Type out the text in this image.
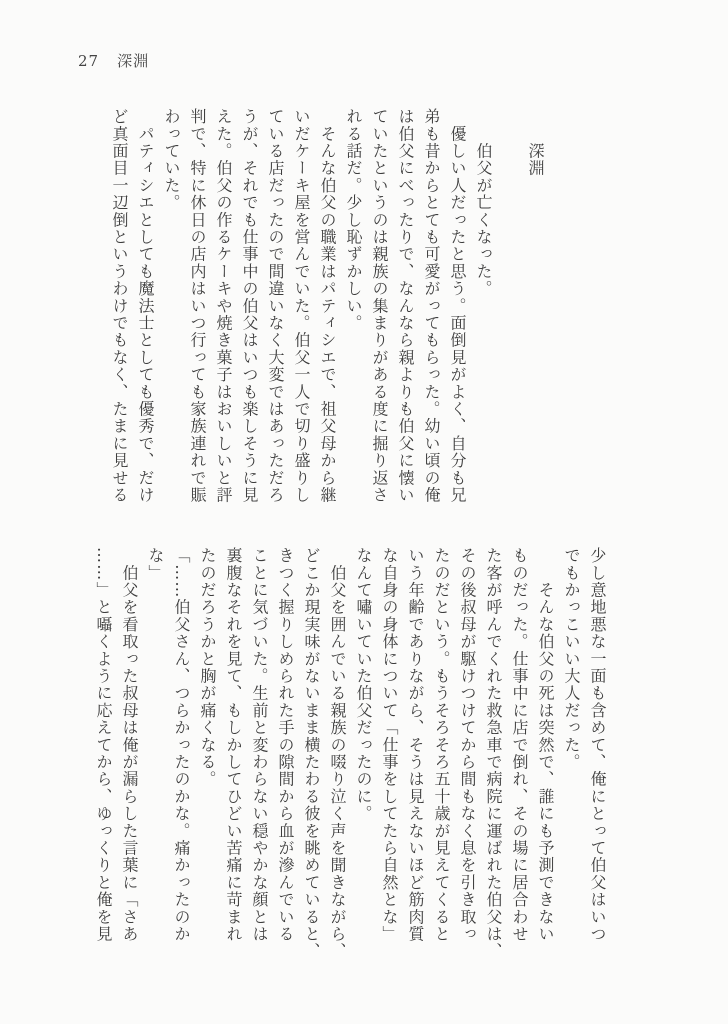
27 深淵
　　深淵

　　伯父が亡くなった。
　優しい人だったと思う。面倒見がよく、自分も兄
弟も昔からとても可愛がってもらった。幼い頃の俺
は伯父にべったりで、なんなら親よりも伯父に懐い
ていたというのは親族の集まりがある度に掘り返さ
れる話だ。少し恥ずかしい。
　そんな伯父の職業はパティシエで、祖父母から継
いだケーキ屋を営んでいた。伯父一人で切り盛りし
ている店だったので間違いなく大変ではあっただろ
うが、それでも仕事中の伯父はいつも楽しそうに見
えた。伯父の作るケーキや焼き菓子はおいしいと評
判で、特に休日の店内はいつ行っても家族連れで賑
わっていた。
　パティシエとしても魔法士としても優秀で、だけ
ど真面目一辺倒というわけでもなく、たまに見せる
少し意地悪な一面も含めて、俺にとって伯父はいつ
でもかっこいい大人だった。
　　そんな伯父の死は突然で、誰にも予測できない
ものだった。仕事中に店で倒れ、その場に居合わせ
た客が呼んでくれた救急車で病院に運ばれた伯父は、
その後叔母が駆けつけてから間もなく息を引き取っ
たのだという。もうそろそろ五十歳が見えてくると
いう年齢でありながら、そうは見えないほど筋肉質
な自身の身体について「仕事をしてたら自然とな」
なんて嘯いていた伯父だったのに。
　伯父を囲んでいる親族の啜り泣く声を聞きながら、
どこか現実味がないまま横たわる彼を眺めていると、
きつく握りしめられた手の隙間から血が滲んでいる
ことに気づいた。生前と変わらない穏やかな顔とは
裏腹なそれを見て、もしかしてひどい苦痛に苛まれ
たのだろうかと胸が痛くなる。
「……伯父さん、つらかったのかな。痛かったのか
な」
　伯父を看取った叔母は俺が漏らした言葉に「さあ
……」と囁くように応えてから、ゆっくりと俺を見
